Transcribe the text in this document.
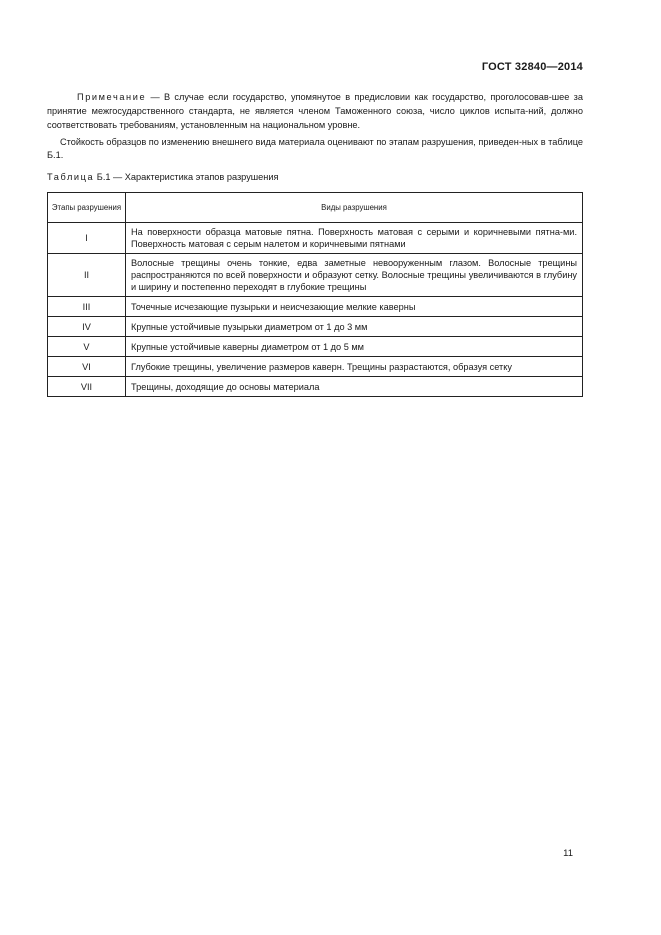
ГОСТ 32840—2014
Примечание — В случае если государство, упомянутое в предисловии как государство, проголосовав-шее за принятие межгосударственного стандарта, не является членом Таможенного союза, число циклов испыта-ний, должно соответствовать требованиям, установленным на национальном уровне.
Стойкость образцов по изменению внешнего вида материала оценивают по этапам разрушения, приведен-ных в таблице Б.1.
Таблица Б.1 — Характеристика этапов разрушения
Этапы разрушения	Виды разрушения
I	На поверхности образца матовые пятна. Поверхность матовая с серыми и коричневыми пятна-ми. Поверхность матовая с серым налетом и коричневыми пятнами
II	Волосные трещины очень тонкие, едва заметные невооруженным глазом. Волосные трещины распространяются по всей поверхности и образуют сетку. Волосные трещины увеличиваются в глубину и ширину и постепенно переходят в глубокие трещины
III	Точечные исчезающие пузырьки и неисчезающие мелкие каверны
IV	Крупные устойчивые пузырьки диаметром от 1 до 3 мм
V	Крупные устойчивые каверны диаметром от 1 до 5 мм
VI	Глубокие трещины, увеличение размеров каверн. Трещины разрастаются, образуя сетку
VII	Трещины, доходящие до основы материала
11
